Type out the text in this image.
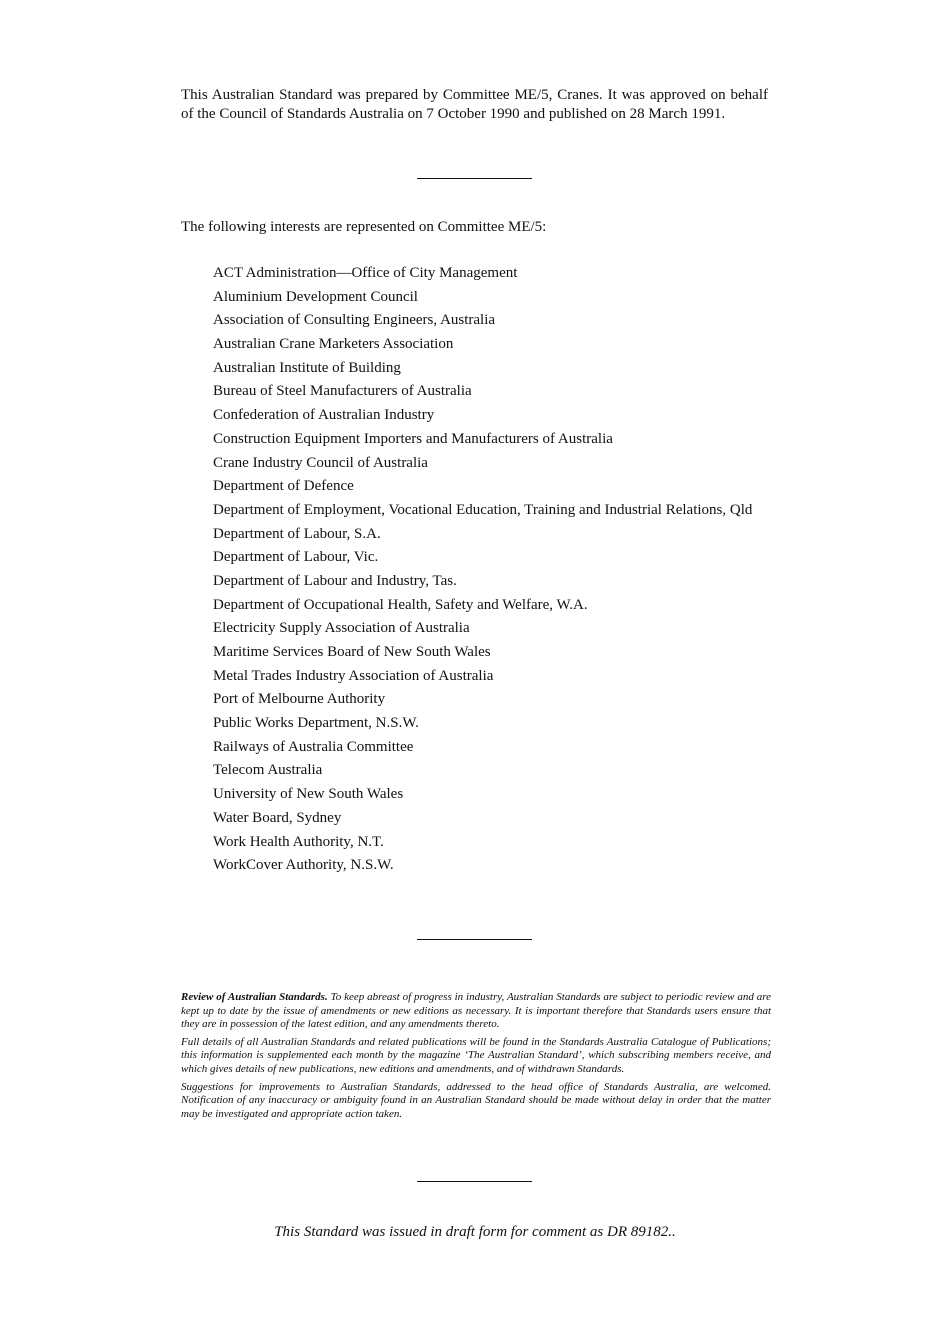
This Australian Standard was prepared by Committee ME/5, Cranes. It was approved on behalf of the Council of Standards Australia on 7 October 1990 and published on 28 March 1991.

The following interests are represented on Committee ME/5:

ACT Administration—Office of City Management
Aluminium Development Council
Association of Consulting Engineers, Australia
Australian Crane Marketers Association
Australian Institute of Building
Bureau of Steel Manufacturers of Australia
Confederation of Australian Industry
Construction Equipment Importers and Manufacturers of Australia
Crane Industry Council of Australia
Department of Defence
Department of Employment, Vocational Education, Training and Industrial Relations, Qld
Department of Labour, S.A.
Department of Labour, Vic.
Department of Labour and Industry, Tas.
Department of Occupational Health, Safety and Welfare, W.A.
Electricity Supply Association of Australia
Maritime Services Board of New South Wales
Metal Trades Industry Association of Australia
Port of Melbourne Authority
Public Works Department, N.S.W.
Railways of Australia Committee
Telecom Australia
University of New South Wales
Water Board, Sydney
Work Health Authority, N.T.
WorkCover Authority, N.S.W.

Review of Australian Standards. To keep abreast of progress in industry, Australian Standards are subject to periodic review and are kept up to date by the issue of amendments or new editions as necessary. It is important therefore that Standards users ensure that they are in possession of the latest edition, and any amendments thereto.

Full details of all Australian Standards and related publications will be found in the Standards Australia Catalogue of Publications; this information is supplemented each month by the magazine ‘The Australian Standard’, which subscribing members receive, and which gives details of new publications, new editions and amendments, and of withdrawn Standards.

Suggestions for improvements to Australian Standards, addressed to the head office of Standards Australia, are welcomed. Notification of any inaccuracy or ambiguity found in an Australian Standard should be made without delay in order that the matter may be investigated and appropriate action taken.

This Standard was issued in draft form for comment as DR 89182..
